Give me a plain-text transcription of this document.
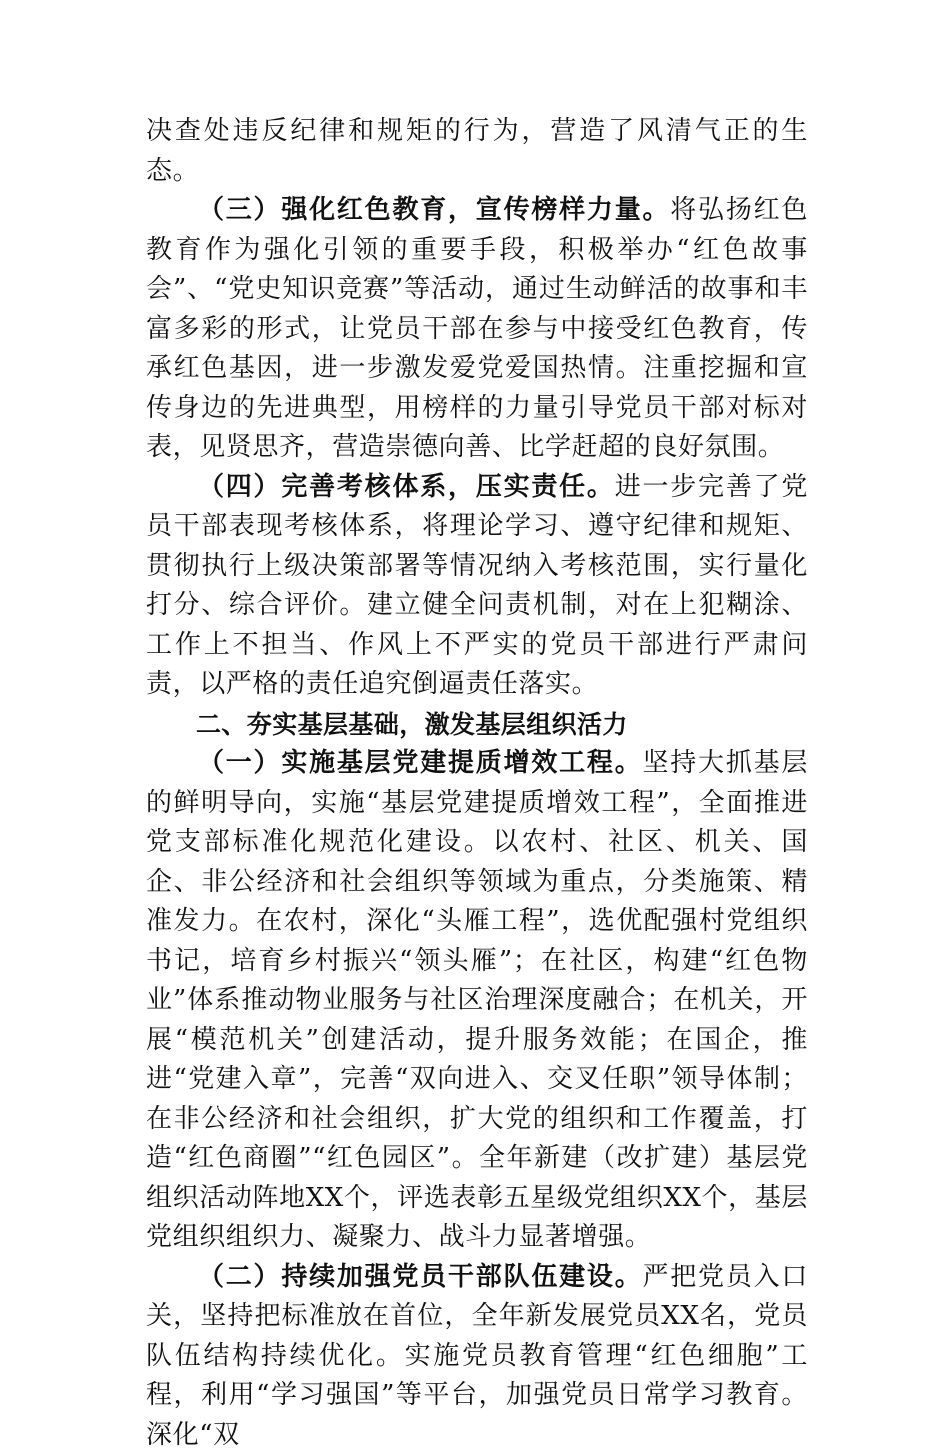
决查处违反纪律和规矩的行为，营造了风清气正的生态。

（三）强化红色教育，宣传榜样力量。将弘扬红色教育作为强化引领的重要手段，积极举办“红色故事会”、“党史知识竞赛”等活动，通过生动鲜活的故事和丰富多彩的形式，让党员干部在参与中接受红色教育，传承红色基因，进一步激发爱党爱国热情。注重挖掘和宣传身边的先进典型，用榜样的力量引导党员干部对标对表，见贤思齐，营造崇德向善、比学赶超的良好氛围。

（四）完善考核体系，压实责任。进一步完善了党员干部表现考核体系，将理论学习、遵守纪律和规矩、贯彻执行上级决策部署等情况纳入考核范围，实行量化打分、综合评价。建立健全问责机制，对在上犯糊涂、工作上不担当、作风上不严实的党员干部进行严肃问责，以严格的责任追究倒逼责任落实。

二、夯实基层基础，激发基层组织活力

（一）实施基层党建提质增效工程。坚持大抓基层的鲜明导向，实施“基层党建提质增效工程”，全面推进党支部标准化规范化建设。以农村、社区、机关、国企、非公经济和社会组织等领域为重点，分类施策、精准发力。在农村，深化“头雁工程”，选优配强村党组织书记，培育乡村振兴“领头雁”；在社区，构建“红色物业”体系推动物业服务与社区治理深度融合；在机关，开展“模范机关”创建活动，提升服务效能；在国企，推进“党建入章”，完善“双向进入、交叉任职”领导体制；在非公经济和社会组织，扩大党的组织和工作覆盖，打造“红色商圈”“红色园区”。全年新建（改扩建）基层党组织活动阵地XX个，评选表彰五星级党组织XX个，基层党组织组织力、凝聚力、战斗力显著增强。

（二）持续加强党员干部队伍建设。严把党员入口关，坚持把标准放在首位，全年新发展党员XX名，党员队伍结构持续优化。实施党员教育管理“红色细胞”工程，利用“学习强国”等平台，加强党员日常学习教育。深化“双
